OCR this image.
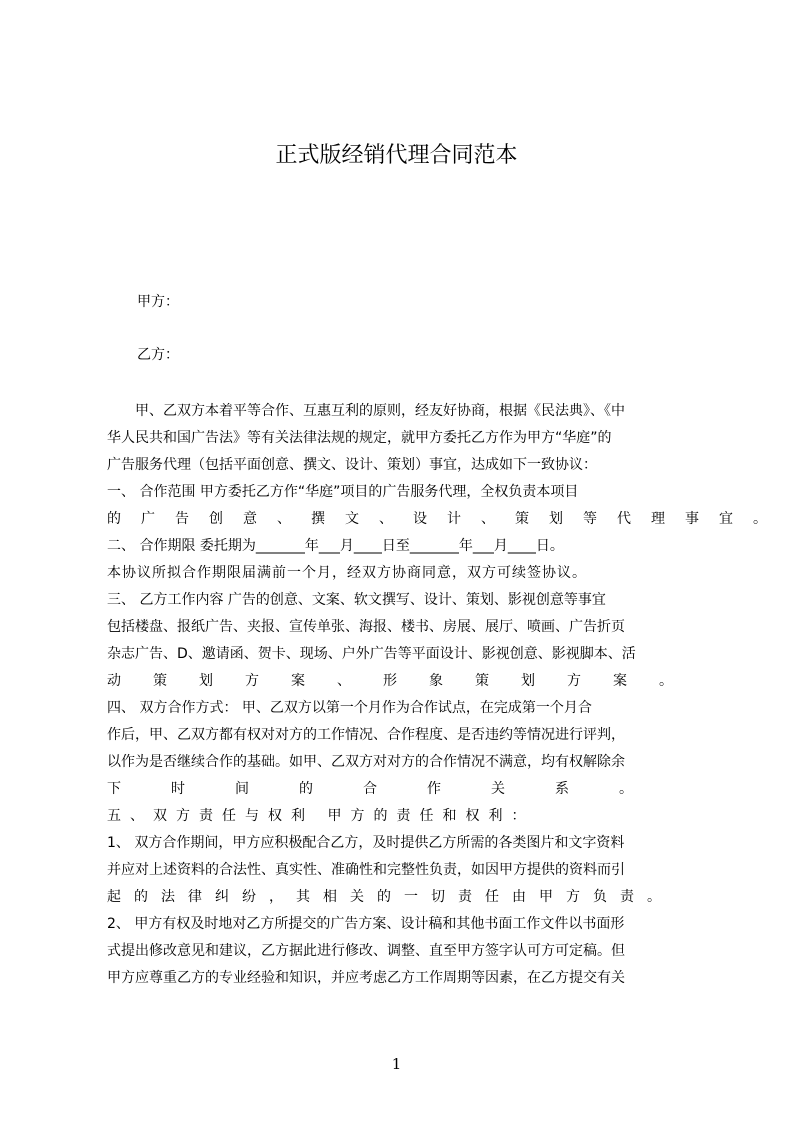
正式版经销代理合同范本
甲方：
乙方：
甲、乙双方本着平等合作、互惠互利的原则，经友好协商，根据《民法典》、《中
华人民共和国广告法》等有关法律法规的规定，就甲方委托乙方作为甲方“华庭”的
广告服务代理（包括平面创意、撰文、设计、策划）事宜，达成如下一致协议：
一、 合作范围 甲方委托乙方作“华庭”项目的广告服务代理，全权负责本项目
的广告创意、撰文、设计、策划等代理事宜。
二、 合作期限 委托期为_______年___月____日至_______年___月____日。
本协议所拟合作期限届满前一个月，经双方协商同意，双方可续签协议。
三、 乙方工作内容 广告的创意、文案、软文撰写、设计、策划、影视创意等事宜
包括楼盘、报纸广告、夹报、宣传单张、海报、楼书、房展、展厅、喷画、广告折页
杂志广告、D、邀请函、贺卡、现场、户外广告等平面设计、影视创意、影视脚本、活
动策划方案、形象策划方案。
四、 双方合作方式： 甲、乙双方以第一个月作为合作试点，在完成第一个月合
作后，甲、乙双方都有权对对方的工作情况、合作程度、是否违约等情况进行评判，
以作为是否继续合作的基础。如甲、乙双方对对方的合作情况不满意，均有权解除余
下时间的合作关系。
五、双方责任与权利 甲方的责任和权利：
1、 双方合作期间，甲方应积极配合乙方，及时提供乙方所需的各类图片和文字资料
并应对上述资料的合法性、真实性、准确性和完整性负责，如因甲方提供的资料而引
起的法律纠纷，其相关的一切责任由甲方负责。
2、 甲方有权及时地对乙方所提交的广告方案、设计稿和其他书面工作文件以书面形
式提出修改意见和建议，乙方据此进行修改、调整、直至甲方签字认可方可定稿。但
甲方应尊重乙方的专业经验和知识，并应考虑乙方工作周期等因素，在乙方提交有关
1
